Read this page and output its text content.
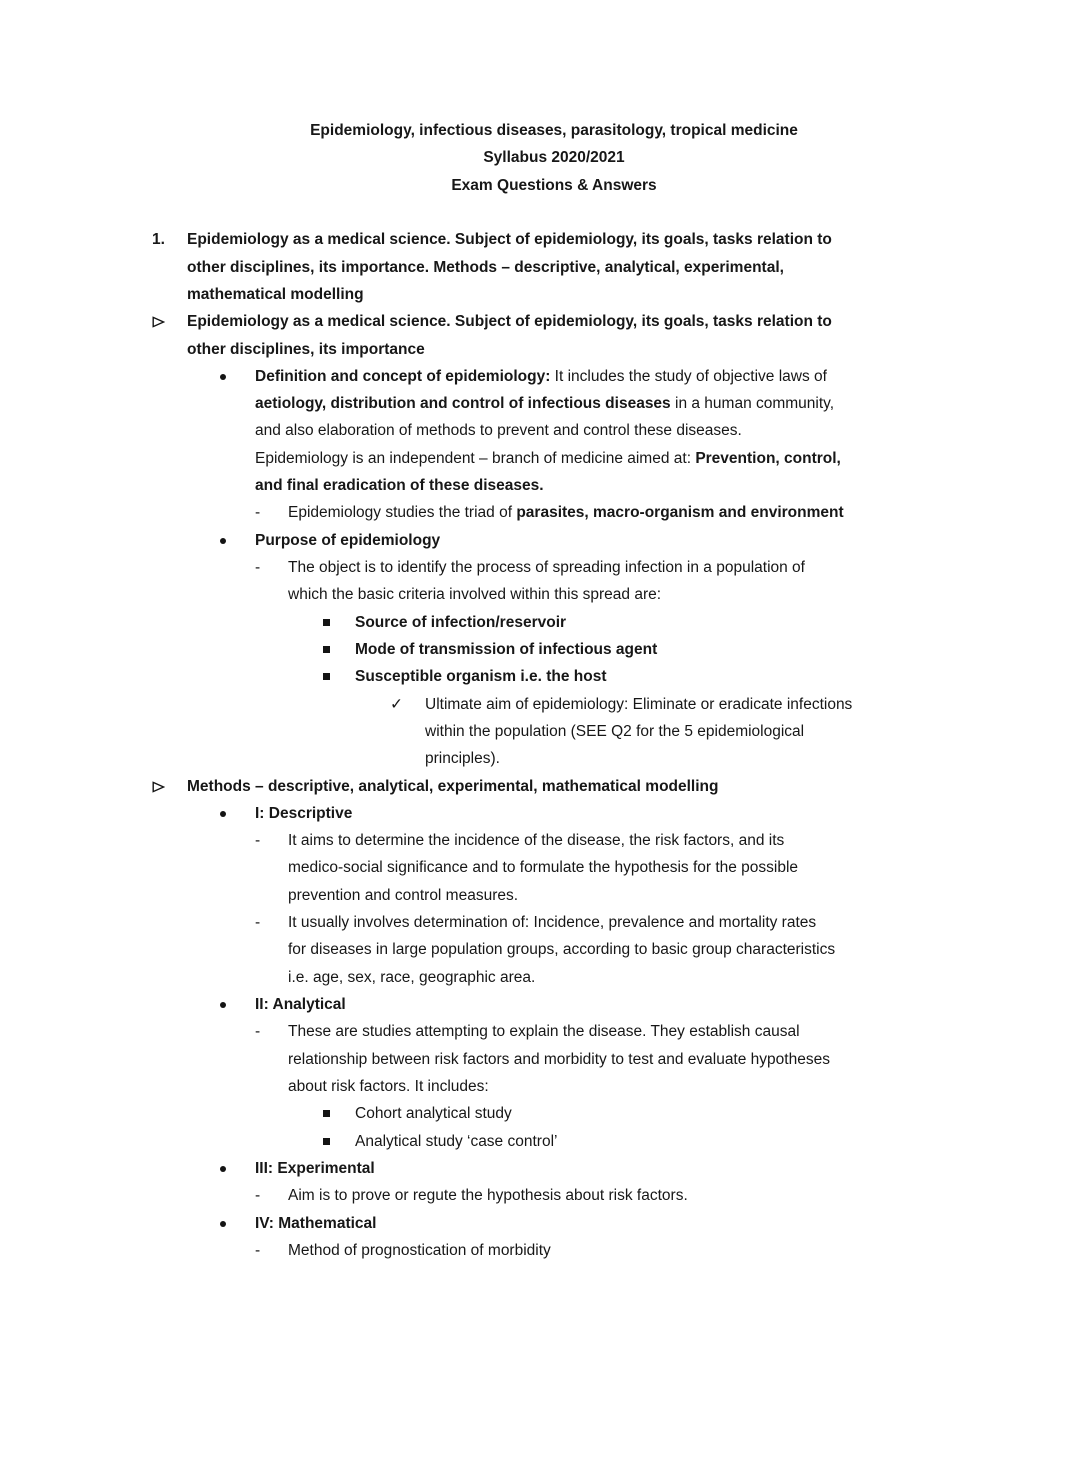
Epidemiology, infectious diseases, parasitology, tropical medicine
Syllabus 2020/2021
Exam Questions & Answers
1. Epidemiology as a medical science. Subject of epidemiology, its goals, tasks relation to
other disciplines, its importance. Methods – descriptive, analytical, experimental,
mathematical modelling
Epidemiology as a medical science. Subject of epidemiology, its goals, tasks relation to
other disciplines, its importance
Definition and concept of epidemiology: It includes the study of objective laws of
aetiology, distribution and control of infectious diseases in a human community,
and also elaboration of methods to prevent and control these diseases.
Epidemiology is an independent – branch of medicine aimed at: Prevention, control,
and final eradication of these diseases.
- Epidemiology studies the triad of parasites, macro-organism and environment
Purpose of epidemiology
- The object is to identify the process of spreading infection in a population of
which the basic criteria involved within this spread are:
Source of infection/reservoir
Mode of transmission of infectious agent
Susceptible organism i.e. the host
✓ Ultimate aim of epidemiology: Eliminate or eradicate infections
within the population (SEE Q2 for the 5 epidemiological
principles).
Methods – descriptive, analytical, experimental, mathematical modelling
I: Descriptive
- It aims to determine the incidence of the disease, the risk factors, and its
medico-social significance and to formulate the hypothesis for the possible
prevention and control measures.
- It usually involves determination of: Incidence, prevalence and mortality rates
for diseases in large population groups, according to basic group characteristics
i.e. age, sex, race, geographic area.
II: Analytical
- These are studies attempting to explain the disease. They establish causal
relationship between risk factors and morbidity to test and evaluate hypotheses
about risk factors. It includes:
Cohort analytical study
Analytical study ‘case control’
III: Experimental
- Aim is to prove or regute the hypothesis about risk factors.
IV: Mathematical
- Method of prognostication of morbidity
